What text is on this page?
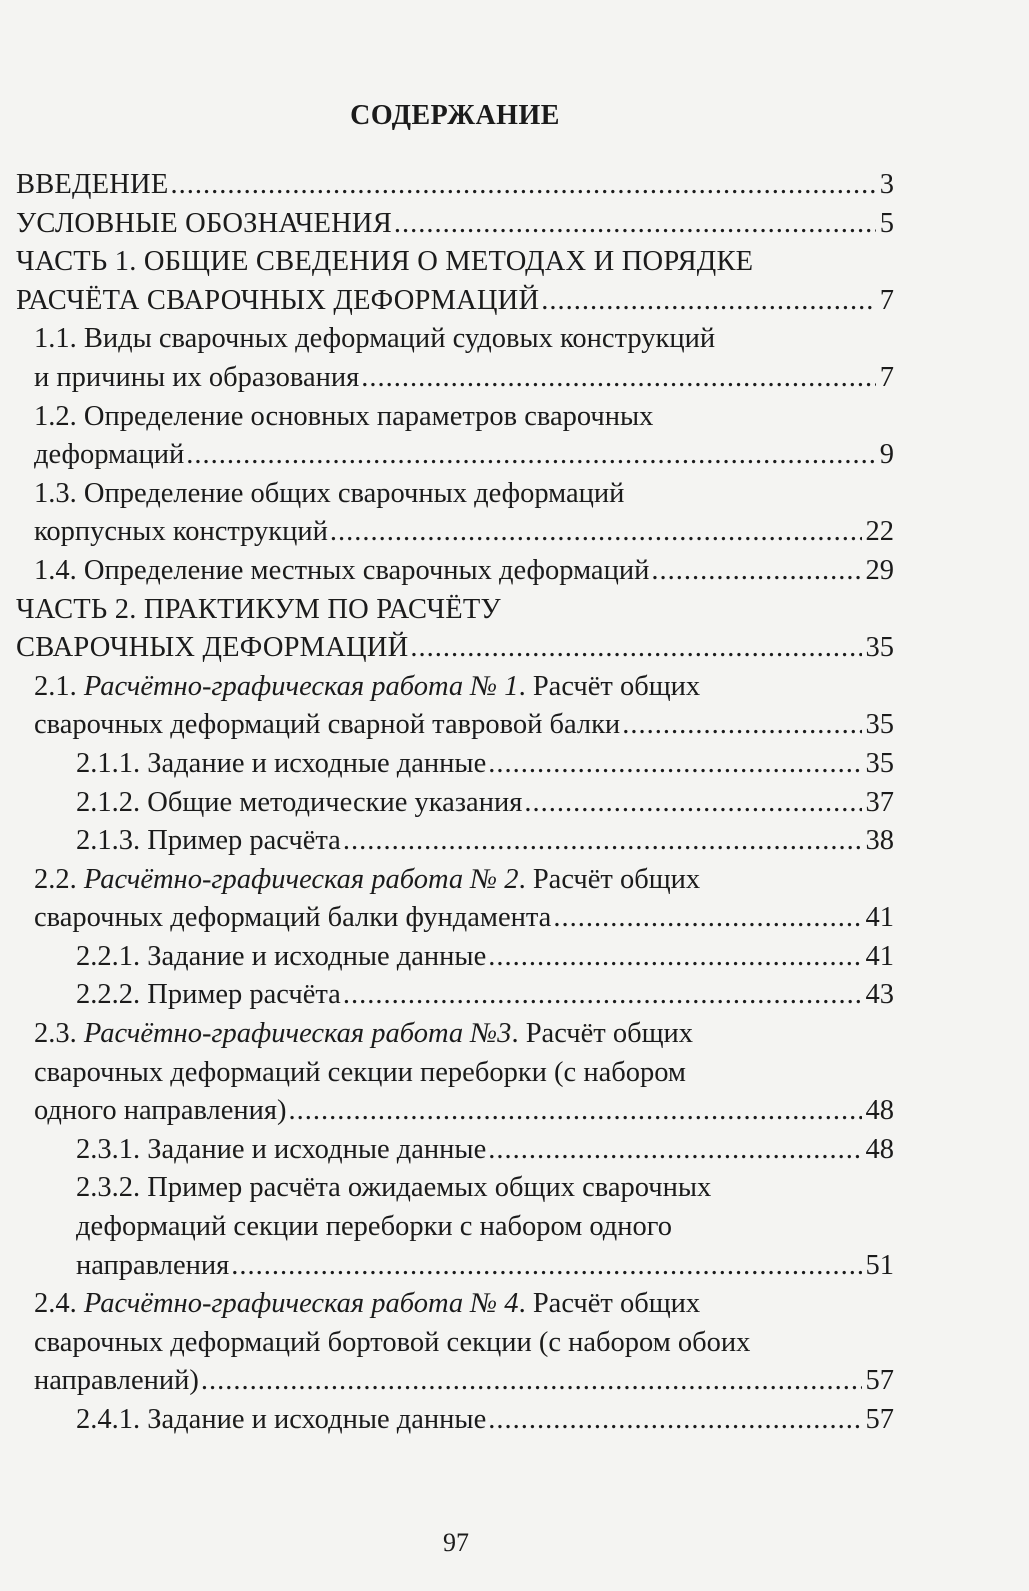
СОДЕРЖАНИЕ
ВВЕДЕНИЕ .....	3
УСЛОВНЫЕ ОБОЗНАЧЕНИЯ .....	5
ЧАСТЬ 1. ОБЩИЕ СВЕДЕНИЯ О МЕТОДАХ И ПОРЯДКЕ
РАСЧЁТА СВАРОЧНЫХ ДЕФОРМАЦИЙ .....	7
1.1. Виды сварочных деформаций судовых конструкций
и причины их образования .....	7
1.2. Определение основных параметров сварочных
деформаций .....	9
1.3. Определение общих сварочных деформаций
корпусных конструкций .....	22
1.4. Определение местных сварочных деформаций .....	29
ЧАСТЬ 2. ПРАКТИКУМ ПО РАСЧЁТУ
СВАРОЧНЫХ ДЕФОРМАЦИЙ .....	35
2.1. Расчётно-графическая работа № 1. Расчёт общих
сварочных деформаций сварной тавровой балки .....	35
2.1.1. Задание и исходные данные .....	35
2.1.2. Общие методические указания .....	37
2.1.3. Пример расчёта .....	38
2.2. Расчётно-графическая работа № 2. Расчёт общих
сварочных деформаций балки фундамента .....	41
2.2.1. Задание и исходные данные .....	41
2.2.2. Пример расчёта .....	43
2.3. Расчётно-графическая работа №3. Расчёт общих
сварочных деформаций секции переборки (с набором
одного направления) .....	48
2.3.1. Задание и исходные данные .....	48
2.3.2. Пример расчёта ожидаемых общих сварочных
деформаций секции переборки с набором одного
направления .....	51
2.4. Расчётно-графическая работа № 4. Расчёт общих
сварочных деформаций бортовой секции (с набором обоих
направлений) .....	57
2.4.1. Задание и исходные данные .....	57
97
